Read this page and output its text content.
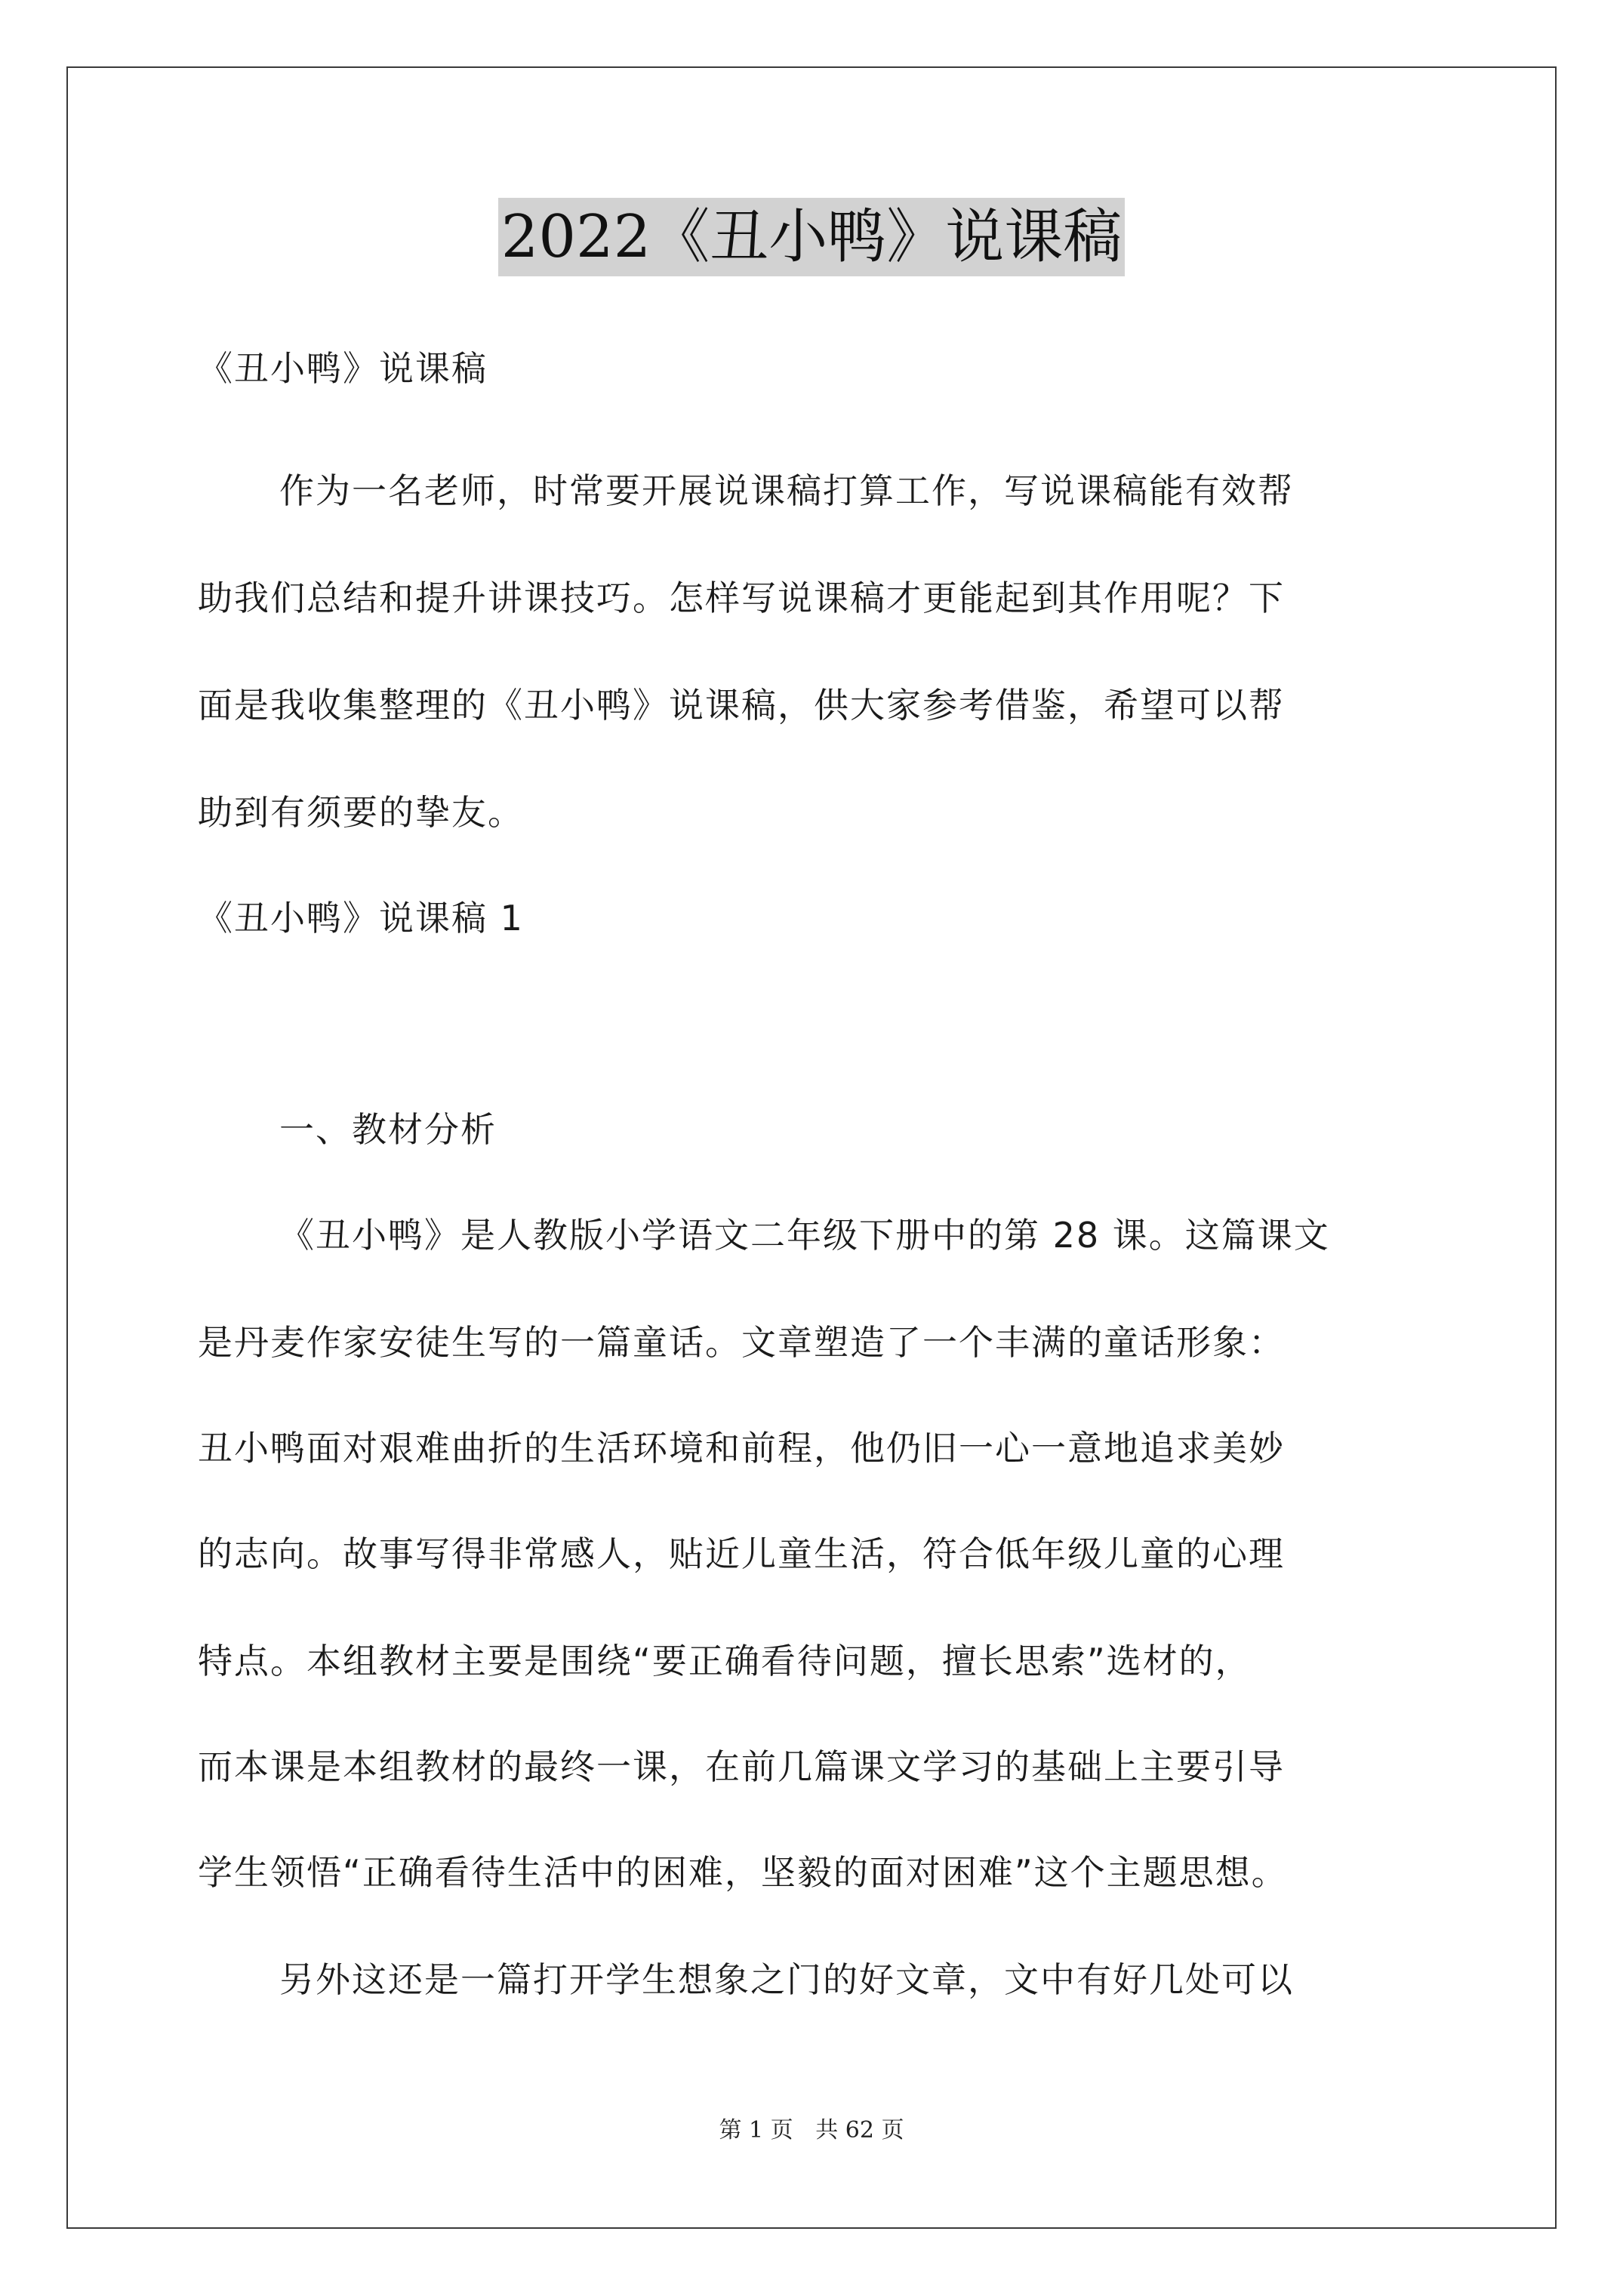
2022《丑小鸭》说课稿
《丑小鸭》说课稿
作为一名老师，时常要开展说课稿打算工作，写说课稿能有效帮
助我们总结和提升讲课技巧。怎样写说课稿才更能起到其作用呢？下
面是我收集整理的《丑小鸭》说课稿，供大家参考借鉴，希望可以帮
助到有须要的挚友。
《丑小鸭》说课稿 1
一、教材分析
《丑小鸭》是人教版小学语文二年级下册中的第 28 课。这篇课文
是丹麦作家安徒生写的一篇童话。文章塑造了一个丰满的童话形象：
丑小鸭面对艰难曲折的生活环境和前程，他仍旧一心一意地追求美妙
的志向。故事写得非常感人，贴近儿童生活，符合低年级儿童的心理
特点。本组教材主要是围绕“要正确看待问题，擅长思索”选材的，
而本课是本组教材的最终一课，在前几篇课文学习的基础上主要引导
学生领悟“正确看待生活中的困难，坚毅的面对困难”这个主题思想。
另外这还是一篇打开学生想象之门的好文章，文中有好几处可以
第 1 页 共 62 页
